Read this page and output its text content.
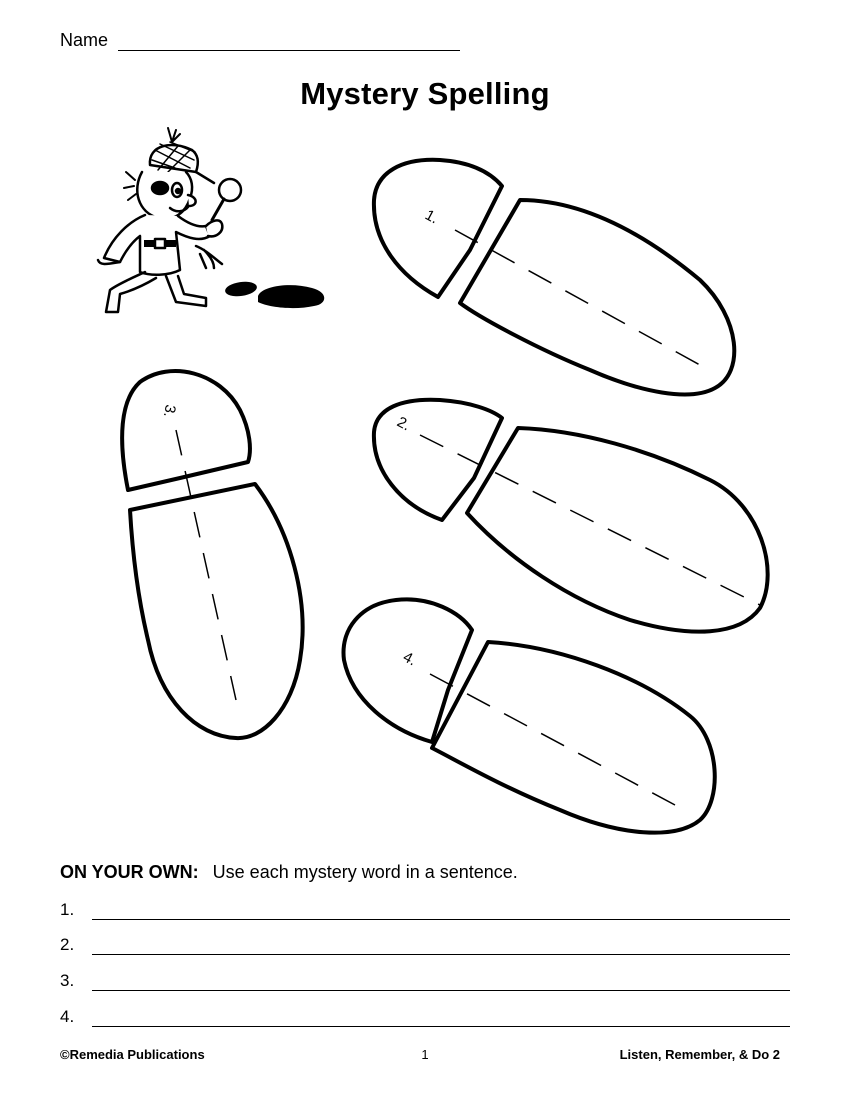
Name
Mystery Spelling
1.
2.
3.
4.
ON YOUR OWN: Use each mystery word in a sentence.
1.
2.
3.
4.
©Remedia Publications	1	Listen, Remember, & Do 2
